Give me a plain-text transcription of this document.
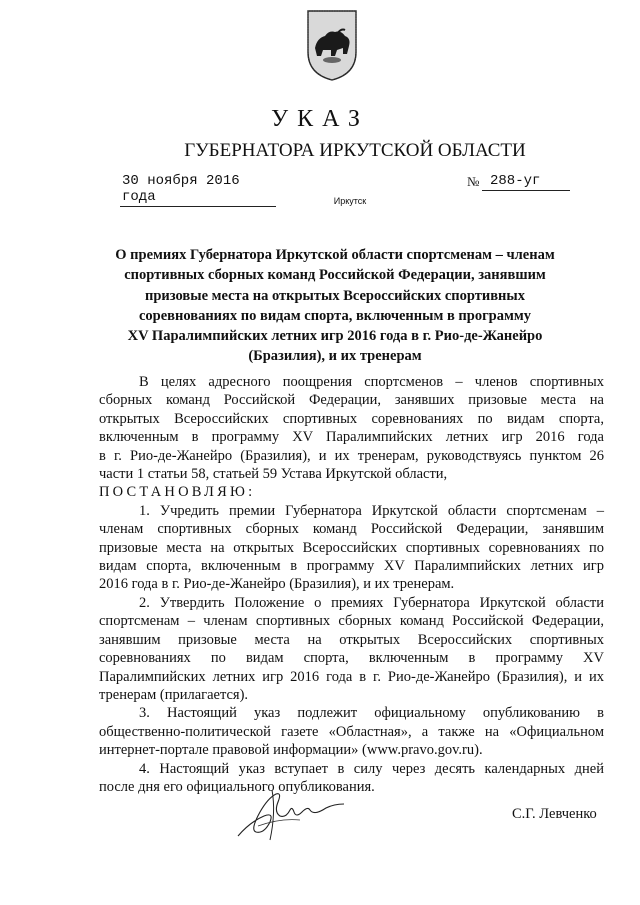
УКАЗ
ГУБЕРНАТОРА ИРКУТСКОЙ ОБЛАСТИ
30 ноября 2016 года
№ 288-уг
Иркутск
О премиях Губернатора Иркутской области спортсменам – членам
спортивных сборных команд Российской Федерации, занявшим
призовые места на открытых Всероссийских спортивных
соревнованиях по видам спорта, включенным в программу
XV Паралимпийских летних игр 2016 года в г. Рио-де-Жанейро
(Бразилия), и их тренерам
В целях адресного поощрения спортсменов – членов спортивных
сборных команд Российской Федерации, занявших призовые места на
открытых Всероссийских спортивных соревнованиях по видам спорта,
включенным в программу XV Паралимпийских летних игр 2016 года
в г. Рио-де-Жанейро (Бразилия), и их тренерам, руководствуясь пунктом 26
части 1 статьи 58, статьей 59 Устава Иркутской области,

ПОСТАНОВЛЯЮ:

1. Учредить премии Губернатора Иркутской области спортсменам –
членам спортивных сборных команд Российской Федерации, занявшим
призовые места на открытых Всероссийских спортивных соревнованиях по
видам спорта, включенным в программу XV Паралимпийских летних игр
2016 года в г. Рио-де-Жанейро (Бразилия), и их тренерам.
2. Утвердить Положение о премиях Губернатора Иркутской области
спортсменам – членам спортивных сборных команд Российской Федерации,
занявшим призовые места на открытых Всероссийских спортивных
соревнованиях по видам спорта, включенным в программу XV
Паралимпийских летних игр 2016 года в г. Рио-де-Жанейро (Бразилия), и их
тренерам (прилагается).
3. Настоящий указ подлежит официальному опубликованию в
общественно-политической газете «Областная», а также на «Официальном
интернет-портале правовой информации» (www.pravo.gov.ru).
4. Настоящий указ вступает в силу через десять календарных дней
после дня его официального опубликования.
С.Г. Левченко
